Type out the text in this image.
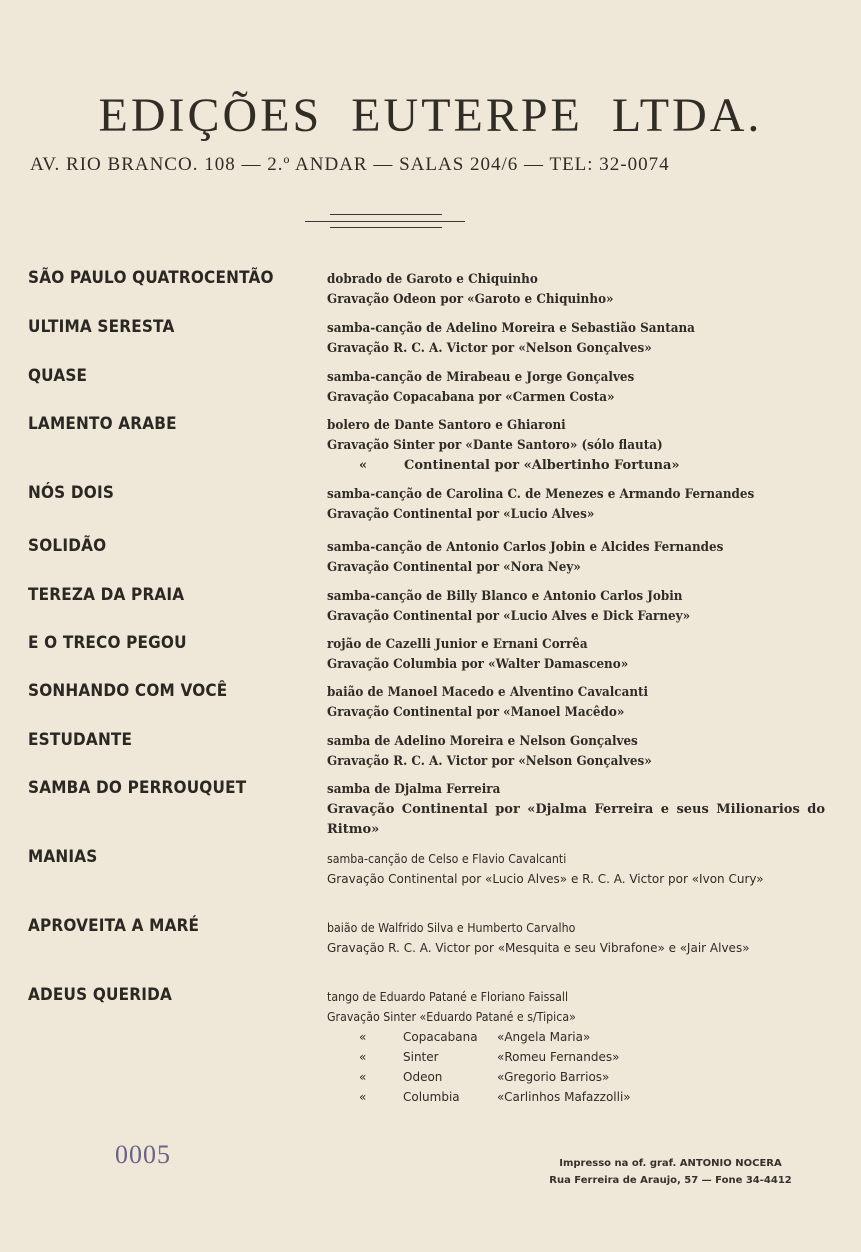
EDIÇÕES EUTERPE LTDA.
AV. RIO BRANCO. 108 — 2.º ANDAR — SALAS 204/6 — TEL: 32-0074
SÃO PAULO QUATROCENTÃO	dobrado de Garoto e Chiquinho
Gravação Odeon por «Garoto e Chiquinho»
ULTIMA SERESTA	samba-canção de Adelino Moreira e Sebastião Santana
Gravação R. C. A. Victor por «Nelson Gonçalves»
QUASE	samba-canção de Mirabeau e Jorge Gonçalves
Gravação Copacabana por «Carmen Costa»
LAMENTO ARABE	bolero de Dante Santoro e Ghiaroni
Gravação Sinter por «Dante Santoro» (sólo flauta)
«	Continental por «Albertinho Fortuna»
NÓS DOIS	samba-canção de Carolina C. de Menezes e Armando Fernandes
Gravação Continental por «Lucio Alves»
SOLIDÃO	samba-canção de Antonio Carlos Jobin e Alcides Fernandes
Gravação Continental por «Nora Ney»
TEREZA DA PRAIA	samba-canção de Billy Blanco e Antonio Carlos Jobin
Gravação Continental por «Lucio Alves e Dick Farney»
E O TRECO PEGOU	rojão de Cazelli Junior e Ernani Corrêa
Gravação Columbia por «Walter Damasceno»
SONHANDO COM VOCÊ	baião de Manoel Macedo e Alventino Cavalcanti
Gravação Continental por «Manoel Macêdo»
ESTUDANTE	samba de Adelino Moreira e Nelson Gonçalves
Gravação R. C. A. Victor por «Nelson Gonçalves»
SAMBA DO PERROUQUET	samba de Djalma Ferreira
Gravação Continental por «Djalma Ferreira e seus Milionarios do Ritmo»
MANIAS	samba-canção de Celso e Flavio Cavalcanti
Gravação Continental por «Lucio Alves» e R. C. A. Victor por «Ivon Cury»
APROVEITA A MARÉ	baião de Walfrido Silva e Humberto Carvalho
Gravação R. C. A. Victor por «Mesquita e seu Vibrafone» e «Jair Alves»
ADEUS QUERIDA	tango de Eduardo Patané e Floriano Faissall
Gravação Sinter «Eduardo Patané e s/Tipica»
«	Copacabana «Angela Maria»
«	Sinter	«Romeu Fernandes»
«	Odeon	«Gregorio Barrios»
«	Columbia	«Carlinhos Mafazzolli»
0005	Impresso na of. graf. ANTONIO NOCERA
Rua Ferreira de Araujo, 57 — Fone 34-4412
